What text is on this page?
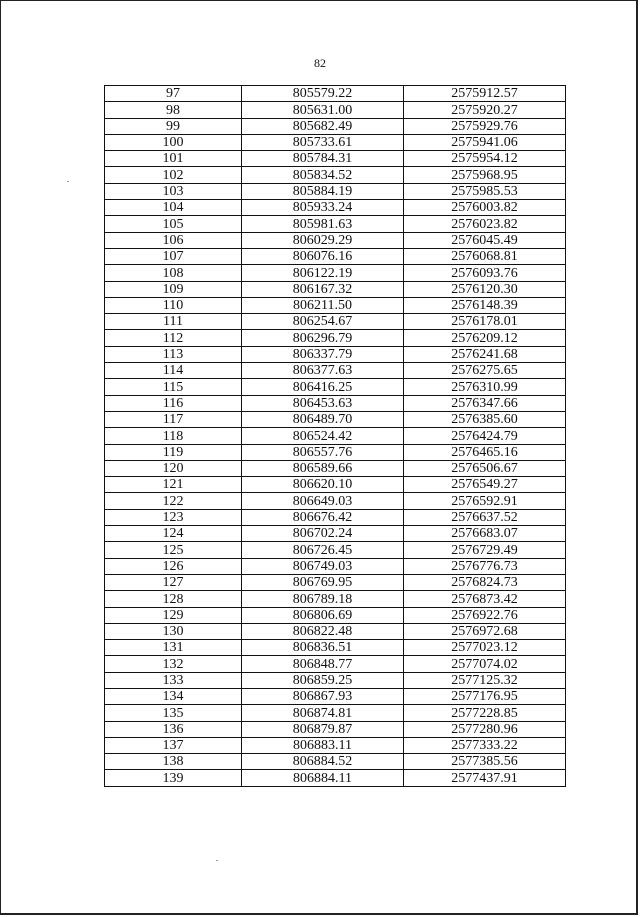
82
97	805579.22	2575912.57
98	805631.00	2575920.27
99	805682.49	2575929.76
100	805733.61	2575941.06
101	805784.31	2575954.12
102	805834.52	2575968.95
103	805884.19	2575985.53
104	805933.24	2576003.82
105	805981.63	2576023.82
106	806029.29	2576045.49
107	806076.16	2576068.81
108	806122.19	2576093.76
109	806167.32	2576120.30
110	806211.50	2576148.39
111	806254.67	2576178.01
112	806296.79	2576209.12
113	806337.79	2576241.68
114	806377.63	2576275.65
115	806416.25	2576310.99
116	806453.63	2576347.66
117	806489.70	2576385.60
118	806524.42	2576424.79
119	806557.76	2576465.16
120	806589.66	2576506.67
121	806620.10	2576549.27
122	806649.03	2576592.91
123	806676.42	2576637.52
124	806702.24	2576683.07
125	806726.45	2576729.49
126	806749.03	2576776.73
127	806769.95	2576824.73
128	806789.18	2576873.42
129	806806.69	2576922.76
130	806822.48	2576972.68
131	806836.51	2577023.12
132	806848.77	2577074.02
133	806859.25	2577125.32
134	806867.93	2577176.95
135	806874.81	2577228.85
136	806879.87	2577280.96
137	806883.11	2577333.22
138	806884.52	2577385.56
139	806884.11	2577437.91
